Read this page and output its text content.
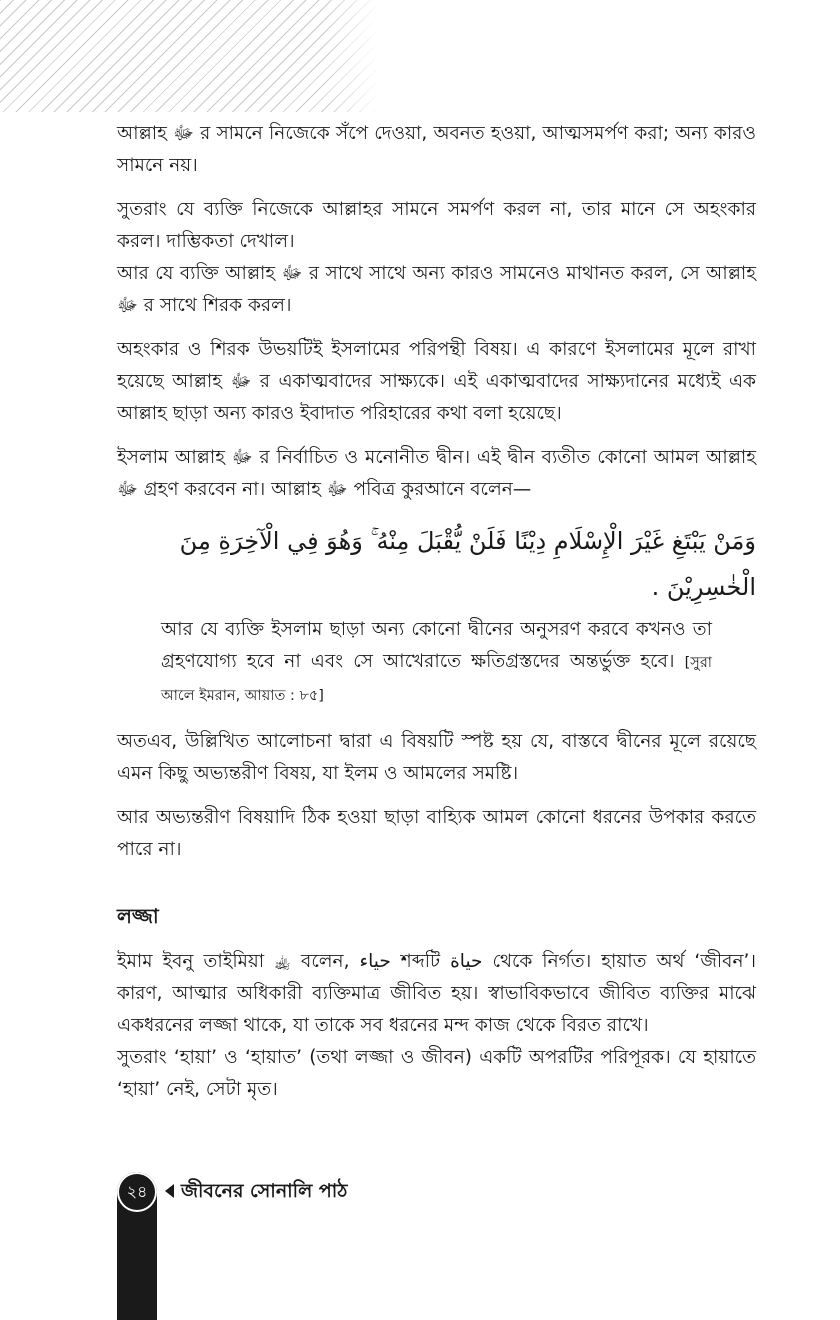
আল্লাহ ﷻ র সামনে নিজেকে সঁপে দেওয়া, অবনত হওয়া, আত্মসমর্পণ করা; অন্য কারও সামনে নয়।

সুতরাং যে ব্যক্তি নিজেকে আল্লাহর সামনে সমর্পণ করল না, তার মানে সে অহংকার করল। দাম্ভিকতা দেখাল।

আর যে ব্যক্তি আল্লাহ ﷻ র সাথে সাথে অন্য কারও সামনেও মাথানত করল, সে আল্লাহ ﷻ র সাথে শিরক করল।

অহংকার ও শিরক উভয়টিই ইসলামের পরিপন্থী বিষয়। এ কারণে ইসলামের মূলে রাখা হয়েছে আল্লাহ ﷻ র একাত্মবাদের সাক্ষ্যকে। এই একাত্মবাদের সাক্ষ্যদানের মধ্যেই এক আল্লাহ ছাড়া অন্য কারও ইবাদাত পরিহারের কথা বলা হয়েছে।

ইসলাম আল্লাহ ﷻ র নির্বাচিত ও মনোনীত দ্বীন। এই দ্বীন ব্যতীত কোনো আমল আল্লাহ ﷻ গ্রহণ করবেন না। আল্লাহ ﷻ পবিত্র কুরআনে বলেন—

وَمَنْ يَبْتَغِ غَيْرَ الْإِسْلَامِ دِيْنًا فَلَنْ يُّقْبَلَ مِنْهُ ۚ وَهُوَ فِي الْآخِرَةِ مِنَ الْخٰسِرِيْنَ .

আর যে ব্যক্তি ইসলাম ছাড়া অন্য কোনো দ্বীনের অনুসরণ করবে কখনও তা গ্রহণযোগ্য হবে না এবং সে আখেরাতে ক্ষতিগ্রস্তদের অন্তর্ভুক্ত হবে। [সুরা আলে ইমরান, আয়াত : ৮৫]

অতএব, উল্লিখিত আলোচনা দ্বারা এ বিষয়টি স্পষ্ট হয় যে, বাস্তবে দ্বীনের মূলে রয়েছে এমন কিছু অভ্যন্তরীণ বিষয়, যা ইলম ও আমলের সমষ্টি।

আর অভ্যন্তরীণ বিষয়াদি ঠিক হওয়া ছাড়া বাহ্যিক আমল কোনো ধরনের উপকার করতে পারে না।

লজ্জা

ইমাম ইবনু তাইমিয়া ﵀ বলেন, حياء শব্দটি حياة থেকে নির্গত। হায়াত অর্থ ‘জীবন’। কারণ, আত্মার অধিকারী ব্যক্তিমাত্র জীবিত হয়। স্বাভাবিকভাবে জীবিত ব্যক্তির মাঝে একধরনের লজ্জা থাকে, যা তাকে সব ধরনের মন্দ কাজ থেকে বিরত রাখে।

সুতরাং ‘হায়া’ ও ‘হায়াত’ (তথা লজ্জা ও জীবন) একটি অপরটির পরিপূরক। যে হায়াতে ‘হায়া’ নেই, সেটা মৃত।

২৪	জীবনের সোনালি পাঠ
